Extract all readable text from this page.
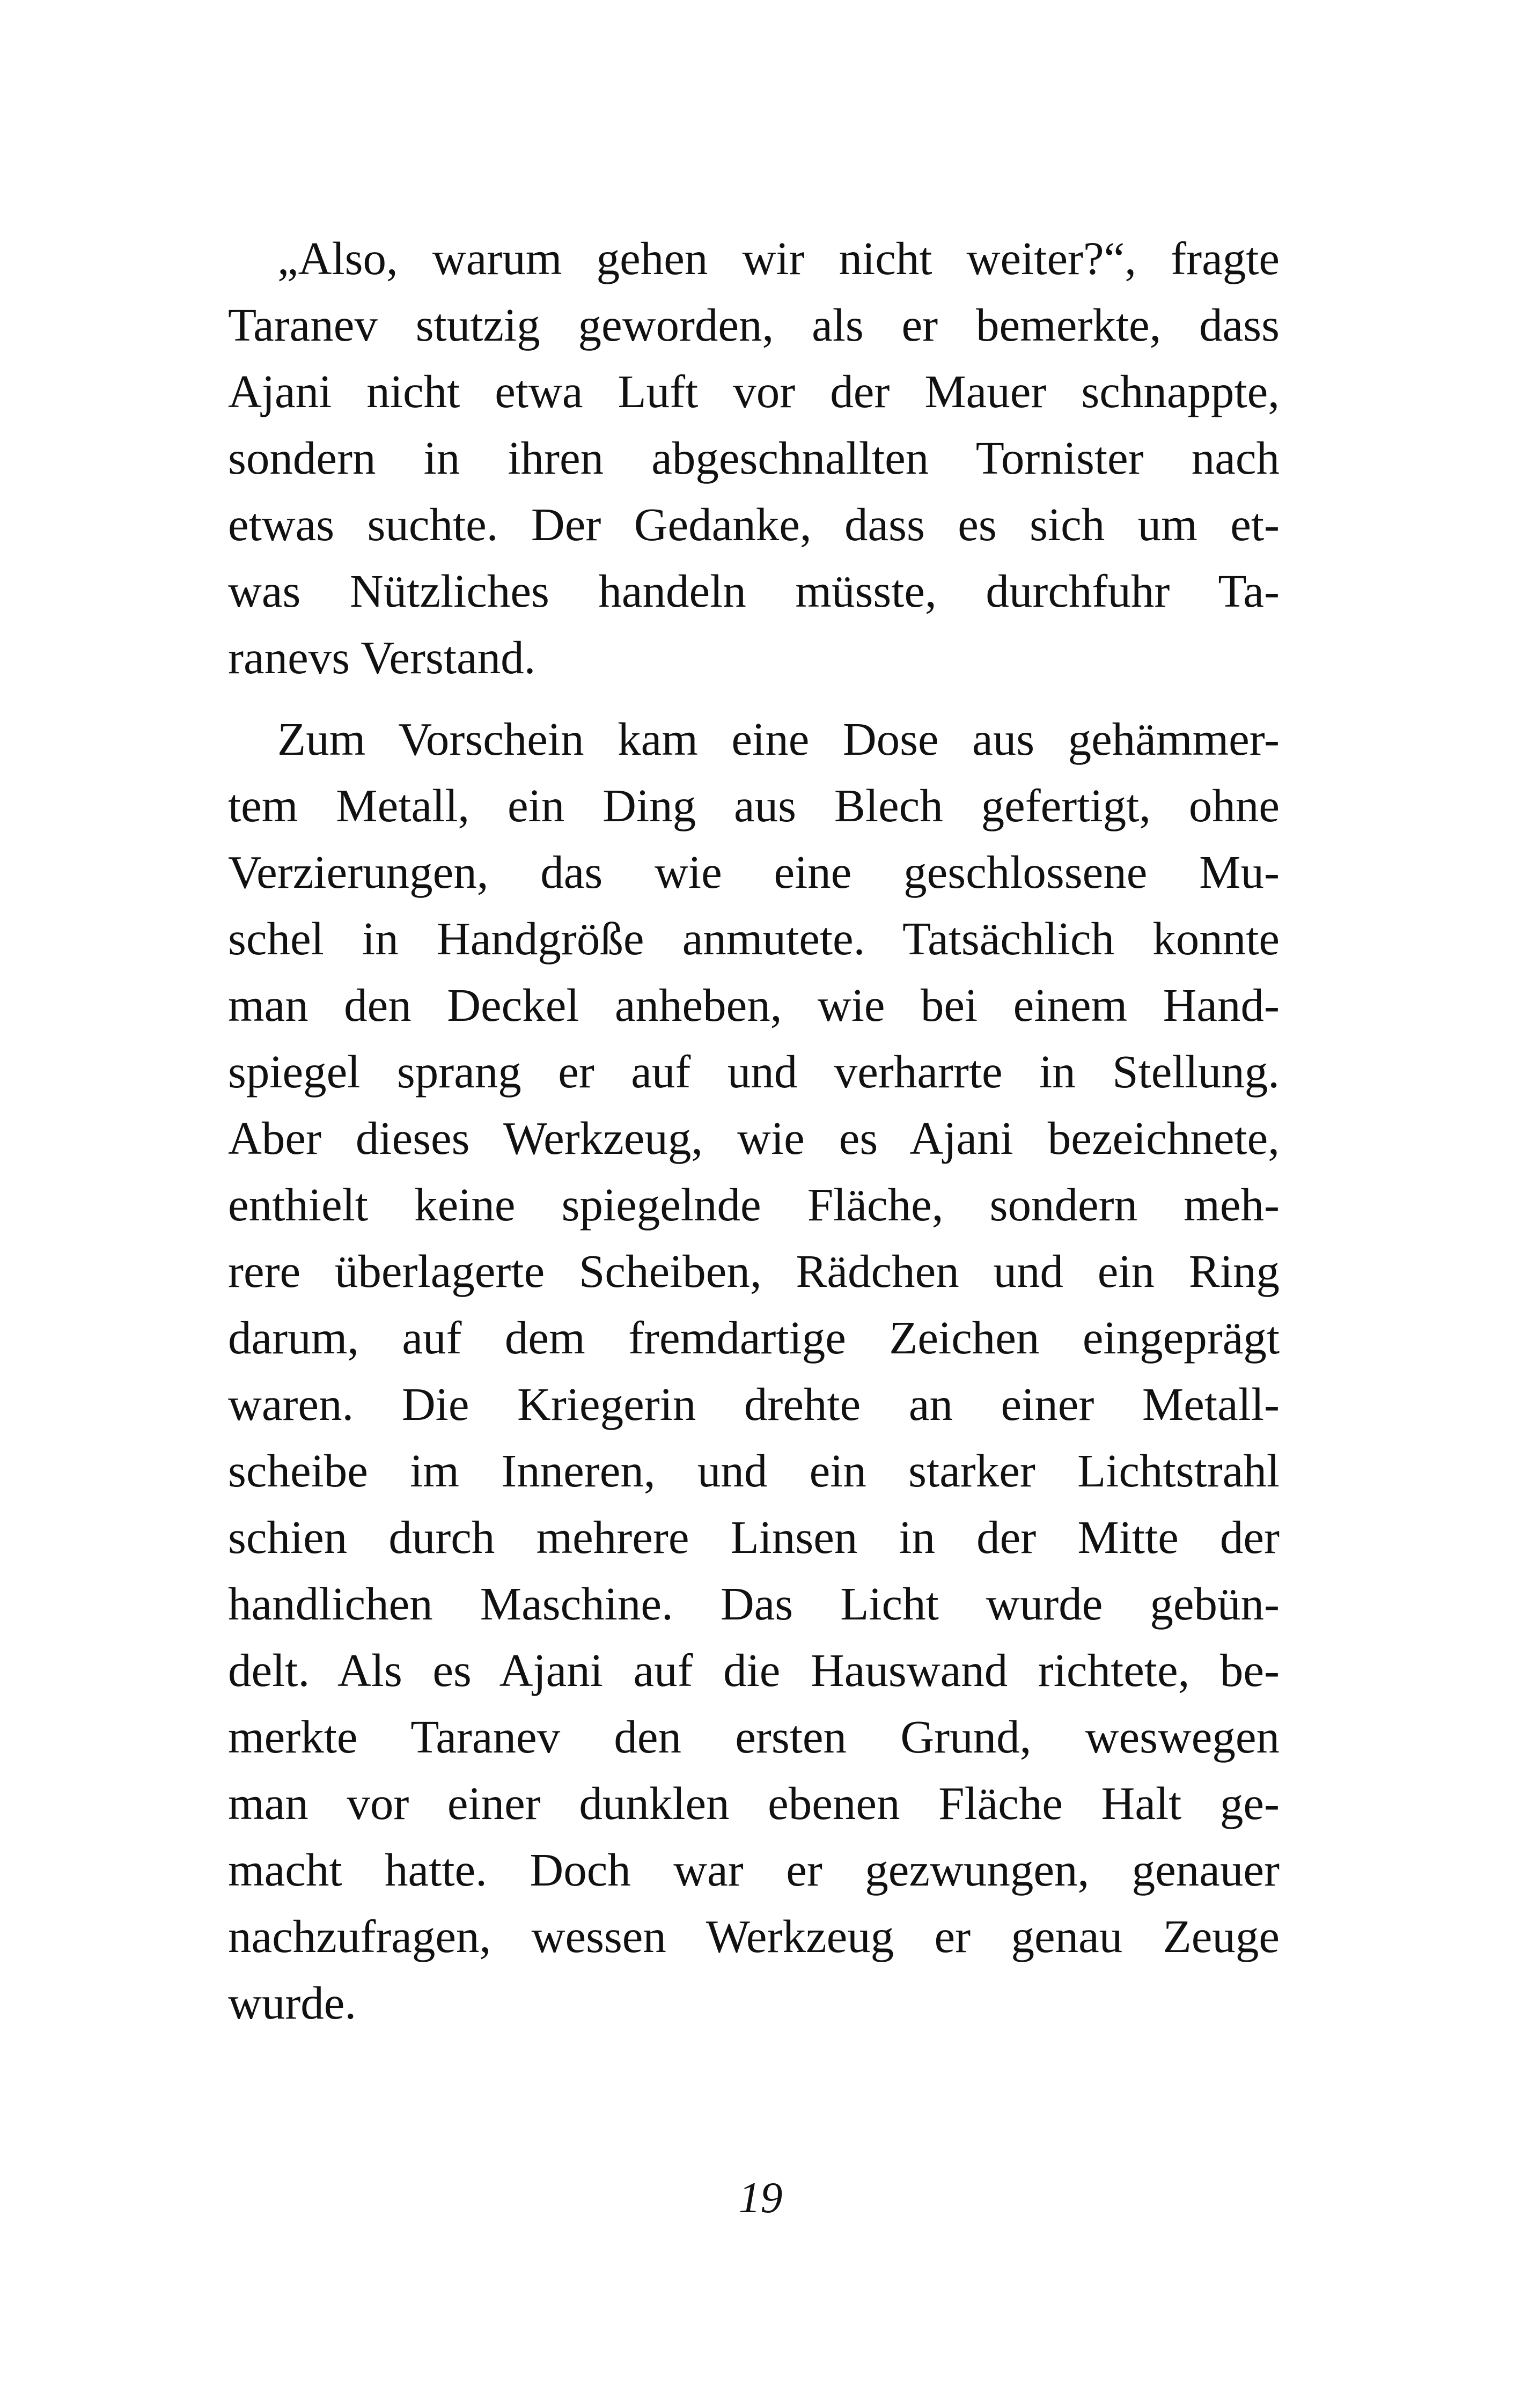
„Also, warum gehen wir nicht weiter?“, fragte
Taranev stutzig geworden, als er bemerkte, dass
Ajani nicht etwa Luft vor der Mauer schnappte,
sondern in ihren abgeschnallten Tornister nach
etwas suchte. Der Gedanke, dass es sich um et-
was Nützliches handeln müsste, durchfuhr Ta-
ranevs Verstand.
Zum Vorschein kam eine Dose aus gehämmer-
tem Metall, ein Ding aus Blech gefertigt, ohne
Verzierungen, das wie eine geschlossene Mu-
schel in Handgröße anmutete. Tatsächlich konnte
man den Deckel anheben, wie bei einem Hand-
spiegel sprang er auf und verharrte in Stellung.
Aber dieses Werkzeug, wie es Ajani bezeichnete,
enthielt keine spiegelnde Fläche, sondern meh-
rere überlagerte Scheiben, Rädchen und ein Ring
darum, auf dem fremdartige Zeichen eingeprägt
waren. Die Kriegerin drehte an einer Metall-
scheibe im Inneren, und ein starker Lichtstrahl
schien durch mehrere Linsen in der Mitte der
handlichen Maschine. Das Licht wurde gebün-
delt. Als es Ajani auf die Hauswand richtete, be-
merkte Taranev den ersten Grund, weswegen
man vor einer dunklen ebenen Fläche Halt ge-
macht hatte. Doch war er gezwungen, genauer
nachzufragen, wessen Werkzeug er genau Zeuge
wurde.
19
